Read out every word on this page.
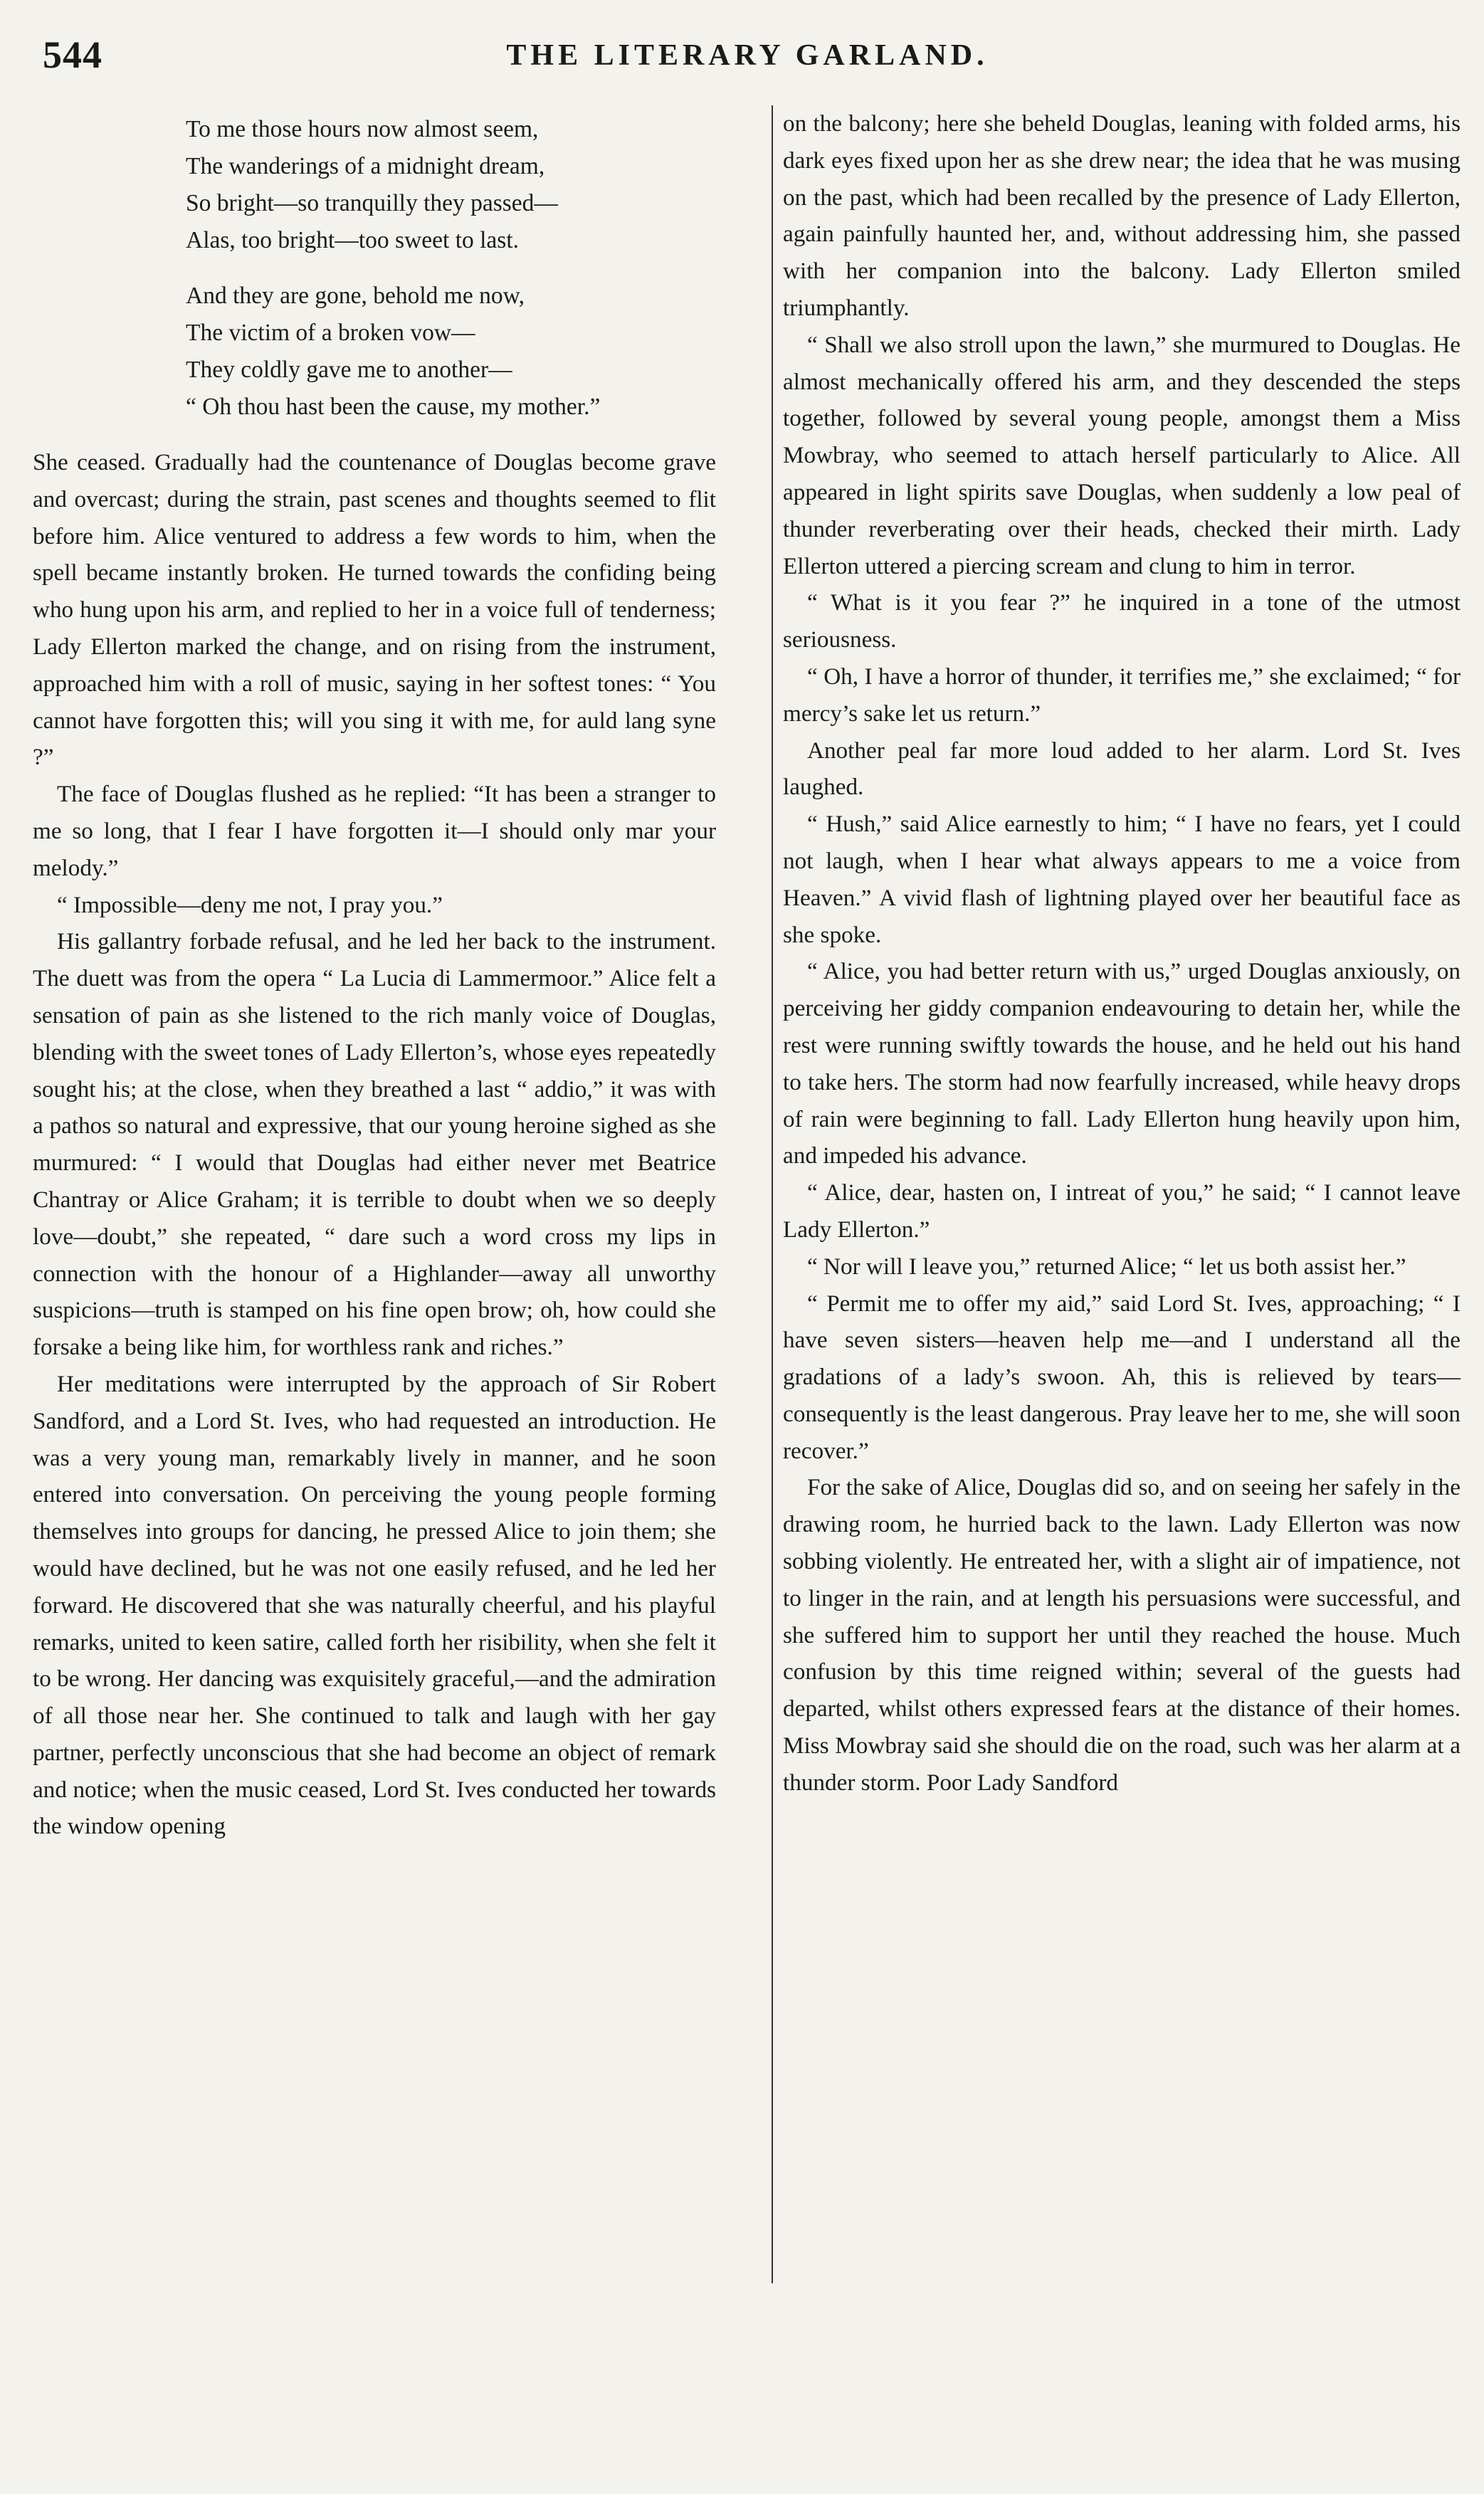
544	THE LITERARY GARLAND.
To me those hours now almost seem,
The wanderings of a midnight dream,
So bright—so tranquilly they passed—
Alas, too bright—too sweet to last.
And they are gone, behold me now,
The victim of a broken vow—
They coldly gave me to another—
“ Oh thou hast been the cause, my mother.”

She ceased. Gradually had the countenance of Douglas become grave and overcast; during the strain, past scenes and thoughts seemed to flit before him. Alice ventured to address a few words to him, when the spell became instantly broken. He turned towards the confiding being who hung upon his arm, and replied to her in a voice full of tenderness; Lady Ellerton marked the change, and on rising from the instrument, approached him with a roll of music, saying in her softest tones: “ You cannot have forgotten this; will you sing it with me, for auld lang syne ?”

The face of Douglas flushed as he replied: “It has been a stranger to me so long, that I fear I have forgotten it—I should only mar your melody.”

“ Impossible—deny me not, I pray you.”

His gallantry forbade refusal, and he led her back to the instrument. The duett was from the opera “ La Lucia di Lammermoor.” Alice felt a sensation of pain as she listened to the rich manly voice of Douglas, blending with the sweet tones of Lady Ellerton’s, whose eyes repeatedly sought his; at the close, when they breathed a last “ addio,” it was with a pathos so natural and expressive, that our young heroine sighed as she murmured: “ I would that Douglas had either never met Beatrice Chantray or Alice Graham; it is terrible to doubt when we so deeply love—doubt,” she repeated, “ dare such a word cross my lips in connection with the honour of a Highlander—away all unworthy suspicions—truth is stamped on his fine open brow; oh, how could she forsake a being like him, for worthless rank and riches.”

Her meditations were interrupted by the approach of Sir Robert Sandford, and a Lord St. Ives, who had requested an introduction. He was a very young man, remarkably lively in manner, and he soon entered into conversation. On perceiving the young people forming themselves into groups for dancing, he pressed Alice to join them; she would have declined, but he was not one easily refused, and he led her forward. He discovered that she was naturally cheerful, and his playful remarks, united to keen satire, called forth her risibility, when she felt it to be wrong. Her dancing was exquisitely graceful,—and the admiration of all those near her. She continued to talk and laugh with her gay partner, perfectly unconscious that she had become an object of remark and notice; when the music ceased, Lord St. Ives conducted her towards the window opening

on the balcony; here she beheld Douglas, leaning with folded arms, his dark eyes fixed upon her as she drew near; the idea that he was musing on the past, which had been recalled by the presence of Lady Ellerton, again painfully haunted her, and, without addressing him, she passed with her companion into the balcony. Lady Ellerton smiled triumphantly.

“ Shall we also stroll upon the lawn,” she murmured to Douglas. He almost mechanically offered his arm, and they descended the steps together, followed by several young people, amongst them a Miss Mowbray, who seemed to attach herself particularly to Alice. All appeared in light spirits save Douglas, when suddenly a low peal of thunder reverberating over their heads, checked their mirth. Lady Ellerton uttered a piercing scream and clung to him in terror.

“ What is it you fear ?” he inquired in a tone of the utmost seriousness.

“ Oh, I have a horror of thunder, it terrifies me,” she exclaimed; “ for mercy’s sake let us return.”

Another peal far more loud added to her alarm. Lord St. Ives laughed.

“ Hush,” said Alice earnestly to him; “ I have no fears, yet I could not laugh, when I hear what always appears to me a voice from Heaven.” A vivid flash of lightning played over her beautiful face as she spoke.

“ Alice, you had better return with us,” urged Douglas anxiously, on perceiving her giddy companion endeavouring to detain her, while the rest were running swiftly towards the house, and he held out his hand to take hers. The storm had now fearfully increased, while heavy drops of rain were beginning to fall. Lady Ellerton hung heavily upon him, and impeded his advance.

“ Alice, dear, hasten on, I intreat of you,” he said; “ I cannot leave Lady Ellerton.”

“ Nor will I leave you,” returned Alice; “ let us both assist her.”

“ Permit me to offer my aid,” said Lord St. Ives, approaching; “ I have seven sisters—heaven help me—and I understand all the gradations of a lady’s swoon. Ah, this is relieved by tears—consequently is the least dangerous. Pray leave her to me, she will soon recover.”

For the sake of Alice, Douglas did so, and on seeing her safely in the drawing room, he hurried back to the lawn. Lady Ellerton was now sobbing violently. He entreated her, with a slight air of impatience, not to linger in the rain, and at length his persuasions were successful, and she suffered him to support her until they reached the house. Much confusion by this time reigned within; several of the guests had departed, whilst others expressed fears at the distance of their homes. Miss Mowbray said she should die on the road, such was her alarm at a thunder storm. Poor Lady Sandford
